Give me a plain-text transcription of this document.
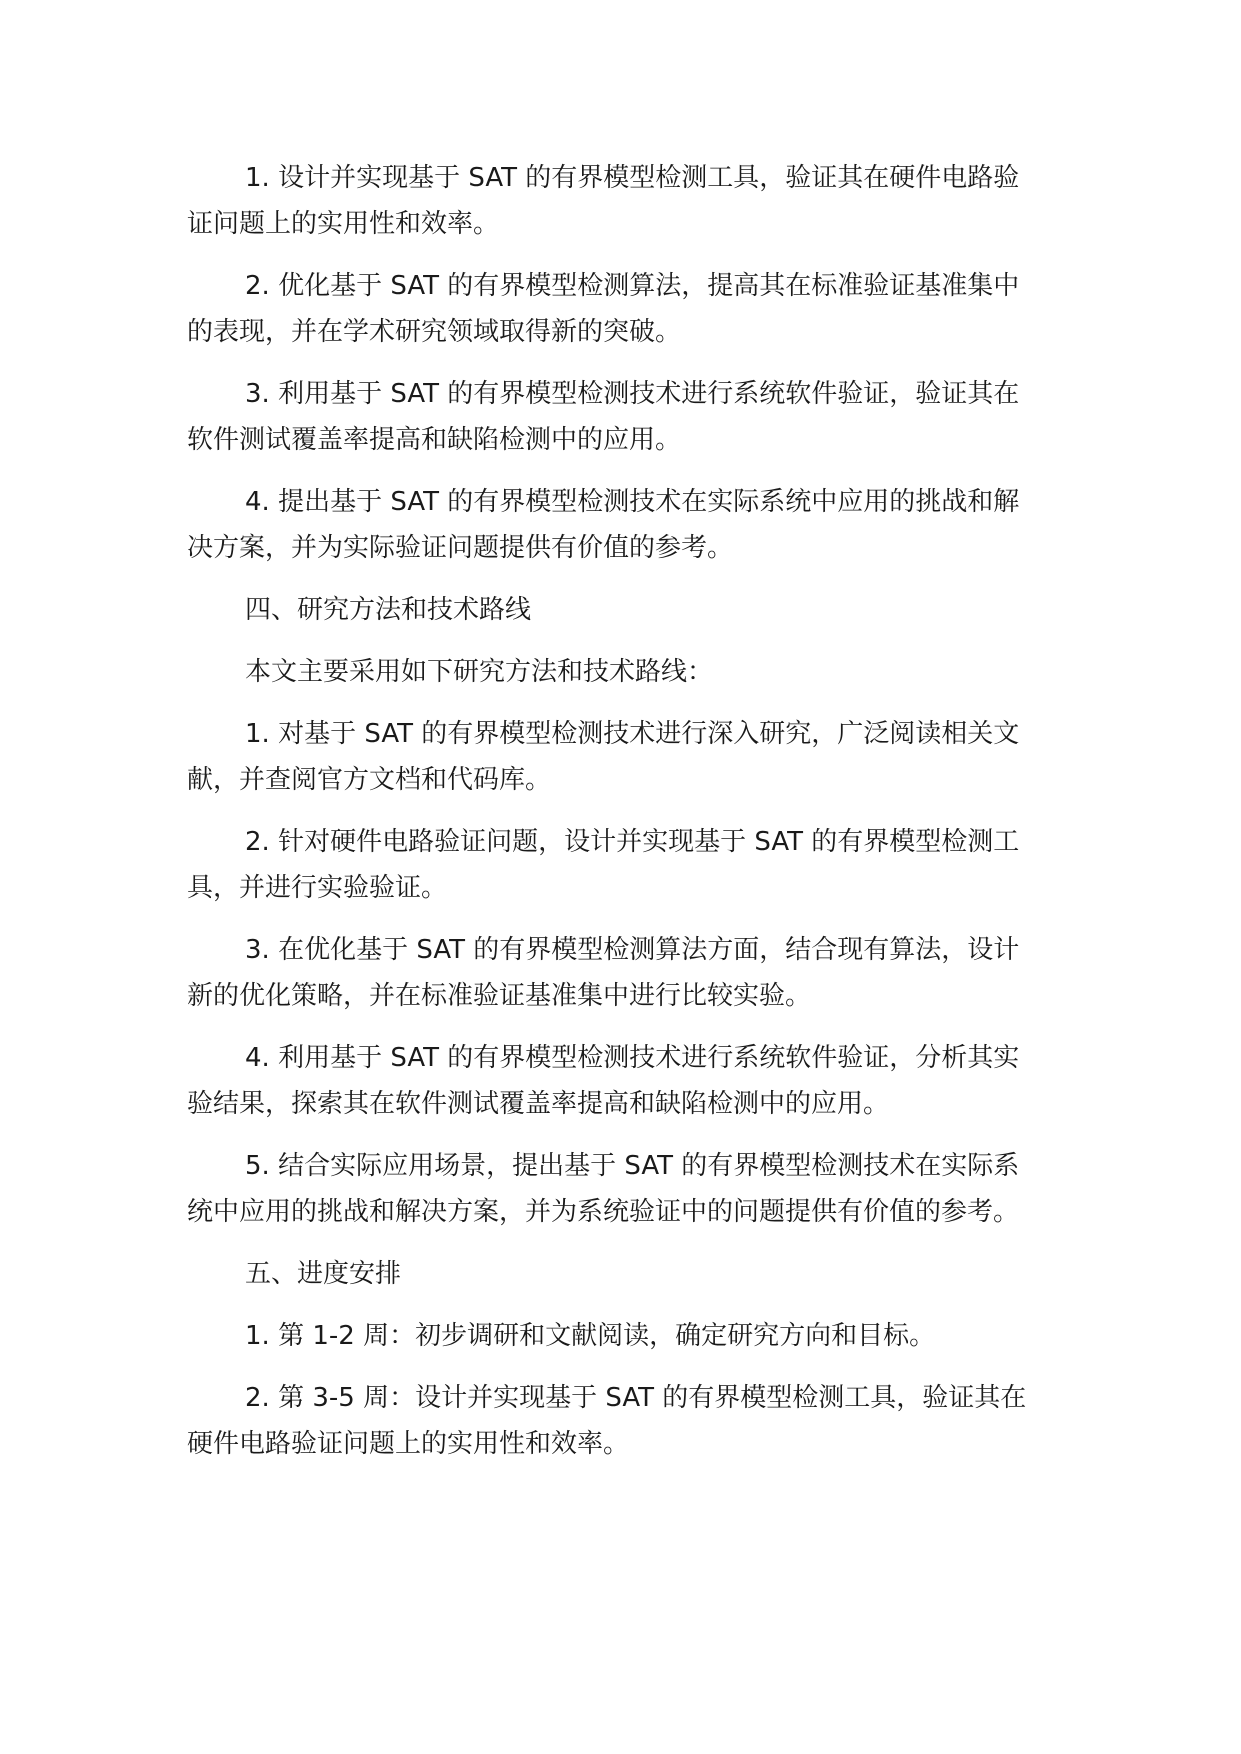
1. 设计并实现基于 SAT 的有界模型检测工具，验证其在硬件电路验
证问题上的实用性和效率。

2. 优化基于 SAT 的有界模型检测算法，提高其在标准验证基准集中
的表现，并在学术研究领域取得新的突破。

3. 利用基于 SAT 的有界模型检测技术进行系统软件验证，验证其在
软件测试覆盖率提高和缺陷检测中的应用。

4. 提出基于 SAT 的有界模型检测技术在实际系统中应用的挑战和解
决方案，并为实际验证问题提供有价值的参考。

四、研究方法和技术路线

本文主要采用如下研究方法和技术路线：

1. 对基于 SAT 的有界模型检测技术进行深入研究，广泛阅读相关文
献，并查阅官方文档和代码库。

2. 针对硬件电路验证问题，设计并实现基于 SAT 的有界模型检测工
具，并进行实验验证。

3. 在优化基于 SAT 的有界模型检测算法方面，结合现有算法，设计
新的优化策略，并在标准验证基准集中进行比较实验。

4. 利用基于 SAT 的有界模型检测技术进行系统软件验证，分析其实
验结果，探索其在软件测试覆盖率提高和缺陷检测中的应用。

5. 结合实际应用场景，提出基于 SAT 的有界模型检测技术在实际系
统中应用的挑战和解决方案，并为系统验证中的问题提供有价值的参考。

五、进度安排

1. 第 1-2 周：初步调研和文献阅读，确定研究方向和目标。

2. 第 3-5 周：设计并实现基于 SAT 的有界模型检测工具，验证其在
硬件电路验证问题上的实用性和效率。
